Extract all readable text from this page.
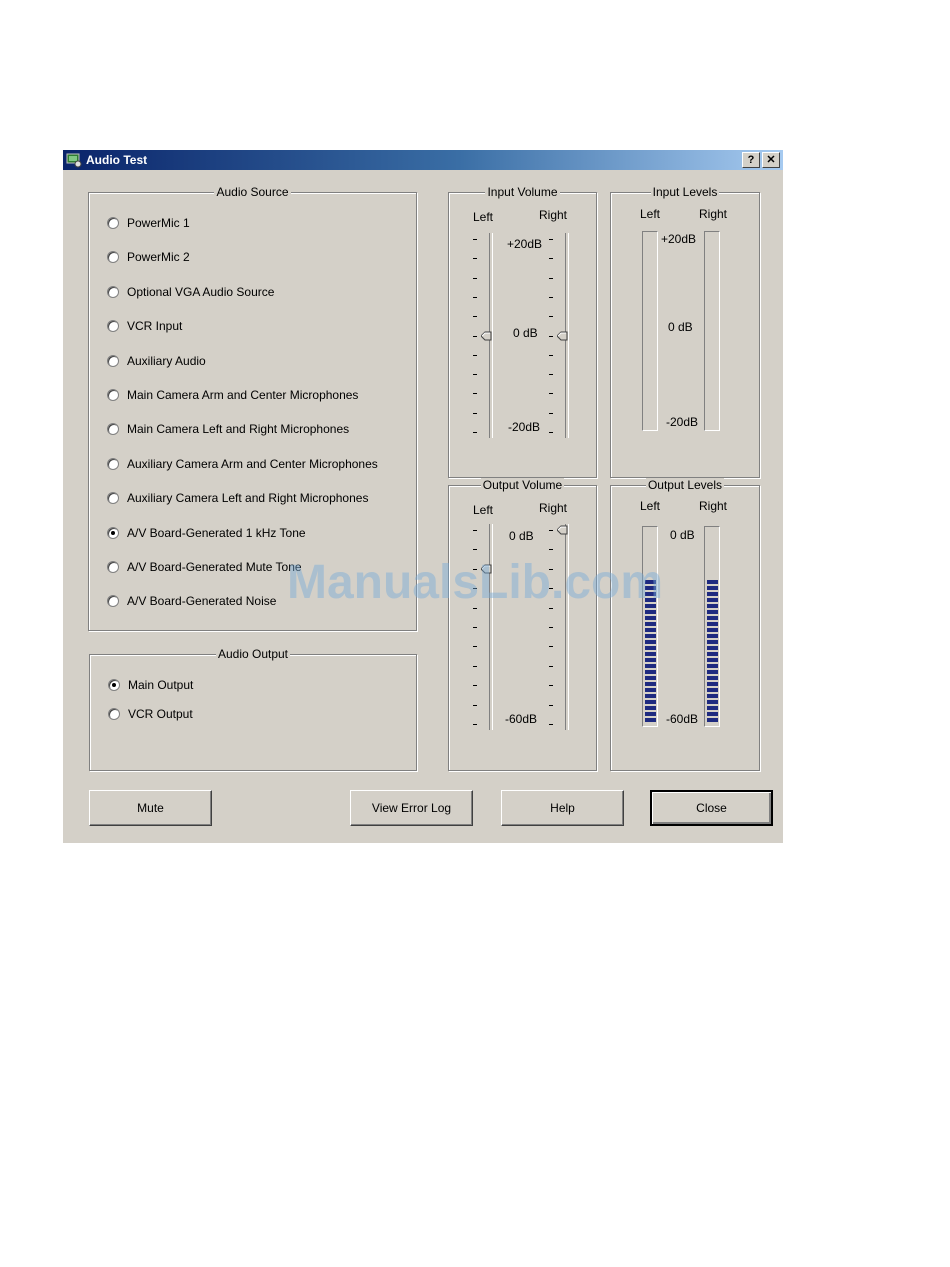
Audio Test	?	✕
Audio Source
PowerMic 1
PowerMic 2
Optional VGA Audio Source
VCR Input
Auxiliary Audio
Main Camera Arm and Center Microphones
Main Camera Left and Right Microphones
Auxiliary Camera Arm and Center Microphones
Auxiliary Camera Left and Right Microphones
A/V Board-Generated 1 kHz Tone
A/V Board-Generated Mute Tone
A/V Board-Generated Noise
Audio Output
Main Output
VCR Output
Input Volume
Left	Right
+20dB
0 dB
-20dB
Input Levels
Left	Right
+20dB
0 dB
-20dB
Output Volume
Left	Right
0 dB
-60dB
Output Levels
Left	Right
0 dB
-60dB
Mute	View Error Log	Help	Close
ManualsLib.com
